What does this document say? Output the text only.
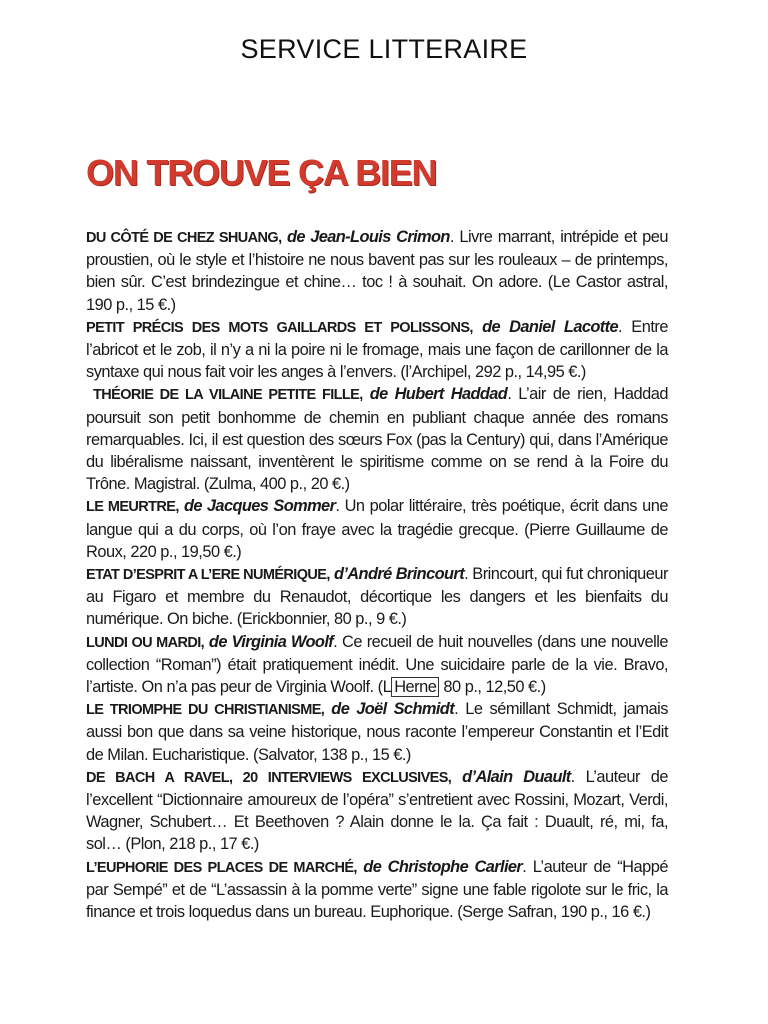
SERVICE LITTERAIRE
ON TROUVE ÇA BIEN

DU CÔTÉ DE CHEZ SHUANG, de Jean-Louis Crimon. Livre marrant, intrépide et peu proustien, où le style et l’histoire ne nous bavent pas sur les rouleaux – de printemps, bien sûr. C’est brindezingue et chine… toc ! à souhait. On adore. (Le Castor astral, 190 p., 15 €.)

PETIT PRÉCIS DES MOTS GAILLARDS ET POLISSONS, de Daniel Lacotte. Entre l’abricot et le zob, il n’y a ni la poire ni le fromage, mais une façon de carillonner de la syntaxe qui nous fait voir les anges à l’envers. (l’Archipel, 292 p., 14,95 €.)

THÉORIE DE LA VILAINE PETITE FILLE, de Hubert Haddad. L’air de rien, Haddad poursuit son petit bonhomme de chemin en publiant chaque année des romans remarquables. Ici, il est question des sœurs Fox (pas la Century) qui, dans l’Amérique du libéralisme naissant, inventèrent le spiritisme comme on se rend à la Foire du Trône. Magistral. (Zulma, 400 p., 20 €.)

LE MEURTRE, de Jacques Sommer. Un polar littéraire, très poétique, écrit dans une langue qui a du corps, où l’on fraye avec la tragédie grecque. (Pierre Guillaume de Roux, 220 p., 19,50 €.)

ETAT D’ESPRIT A L’ERE NUMÉRIQUE, d’André Brincourt. Brincourt, qui fut chroniqueur au Figaro et membre du Renaudot, décortique les dangers et les bienfaits du numérique. On biche. (Erickbonnier, 80 p., 9 €.)

LUNDI OU MARDI, de Virginia Woolf. Ce recueil de huit nouvelles (dans une nouvelle collection “Roman”) était pratiquement inédit. Une suicidaire parle de la vie. Bravo, l’artiste. On n’a pas peur de Virginia Woolf. (L Herne 80 p., 12,50 €.)

LE TRIOMPHE DU CHRISTIANISME, de Joël Schmidt. Le sémillant Schmidt, jamais aussi bon que dans sa veine historique, nous raconte l’empereur Constantin et l’Edit de Milan. Eucharistique. (Salvator, 138 p., 15 €.)

DE BACH A RAVEL, 20 INTERVIEWS EXCLUSIVES, d’Alain Duault. L’auteur de l’excellent “Dictionnaire amoureux de l’opéra” s’entretient avec Rossini, Mozart, Verdi, Wagner, Schubert… Et Beethoven ? Alain donne le la. Ça fait : Duault, ré, mi, fa, sol… (Plon, 218 p., 17 €.)

L’EUPHORIE DES PLACES DE MARCHÉ, de Christophe Carlier. L’auteur de “Happé par Sempé” et de “L’assassin à la pomme verte” signe une fable rigolote sur le fric, la finance et trois loquedus dans un bureau. Euphorique. (Serge Safran, 190 p., 16 €.)
